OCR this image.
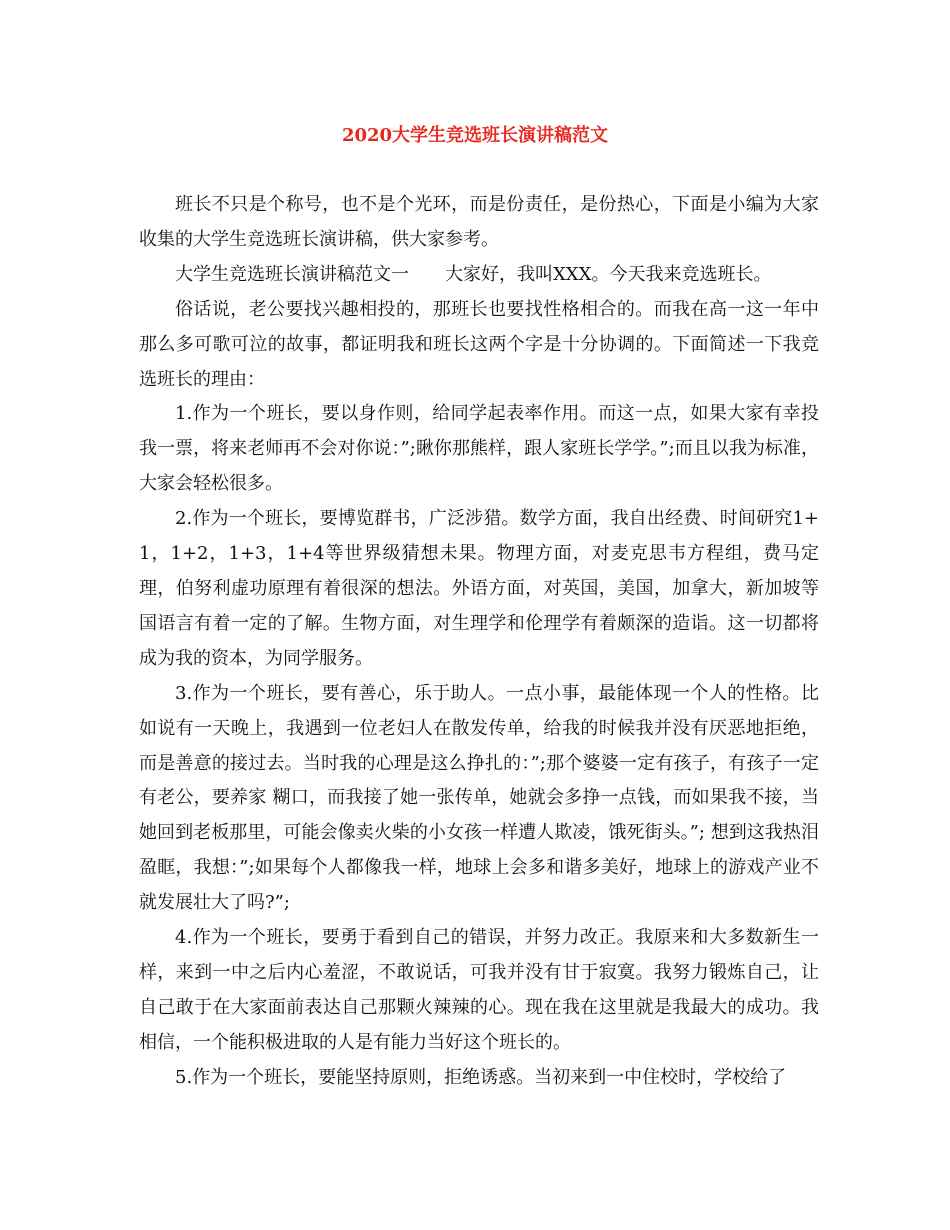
2020大学生竞选班长演讲稿范文

班长不只是个称号，也不是个光环，而是份责任，是份热心，下面是小编为大家收集的大学生竞选班长演讲稿，供大家参考。

大学生竞选班长演讲稿范文一　　大家好，我叫XXX。今天我来竞选班长。

俗话说，老公要找兴趣相投的，那班长也要找性格相合的。而我在高一这一年中那么多可歌可泣的故事，都证明我和班长这两个字是十分协调的。下面简述一下我竞选班长的理由：

1.作为一个班长，要以身作则，给同学起表率作用。而这一点，如果大家有幸投我一票，将来老师再不会对你说：”;瞅你那熊样，跟人家班长学学。”;而且以我为标准，大家会轻松很多。

2.作为一个班长，要博览群书，广泛涉猎。数学方面，我自出经费、时间研究1+1，1+2，1+3，1+4等世界级猜想未果。物理方面，对麦克思韦方程组，费马定理，伯努利虚功原理有着很深的想法。外语方面，对英国，美国，加拿大，新加坡等国语言有着一定的了解。生物方面，对生理学和伦理学有着颇深的造诣。这一切都将成为我的资本，为同学服务。

3.作为一个班长，要有善心，乐于助人。一点小事，最能体现一个人的性格。比如说有一天晚上，我遇到一位老妇人在散发传单，给我的时候我并没有厌恶地拒绝，而是善意的接过去。当时我的心理是这么挣扎的：”;那个婆婆一定有孩子，有孩子一定有老公，要养家 糊口，而我接了她一张传单，她就会多挣一点钱，而如果我不接，当她回到老板那里，可能会像卖火柴的小女孩一样遭人欺凌，饿死街头。”; 想到这我热泪盈眶，我想：”;如果每个人都像我一样，地球上会多和谐多美好，地球上的游戏产业不就发展壮大了吗?”;

4.作为一个班长，要勇于看到自己的错误，并努力改正。我原来和大多数新生一样，来到一中之后内心羞涩，不敢说话，可我并没有甘于寂寞。我努力锻炼自己，让自己敢于在大家面前表达自己那颗火辣辣的心。现在我在这里就是我最大的成功。我相信，一个能积极进取的人是有能力当好这个班长的。

5.作为一个班长，要能坚持原则，拒绝诱惑。当初来到一中住校时，学校给了
